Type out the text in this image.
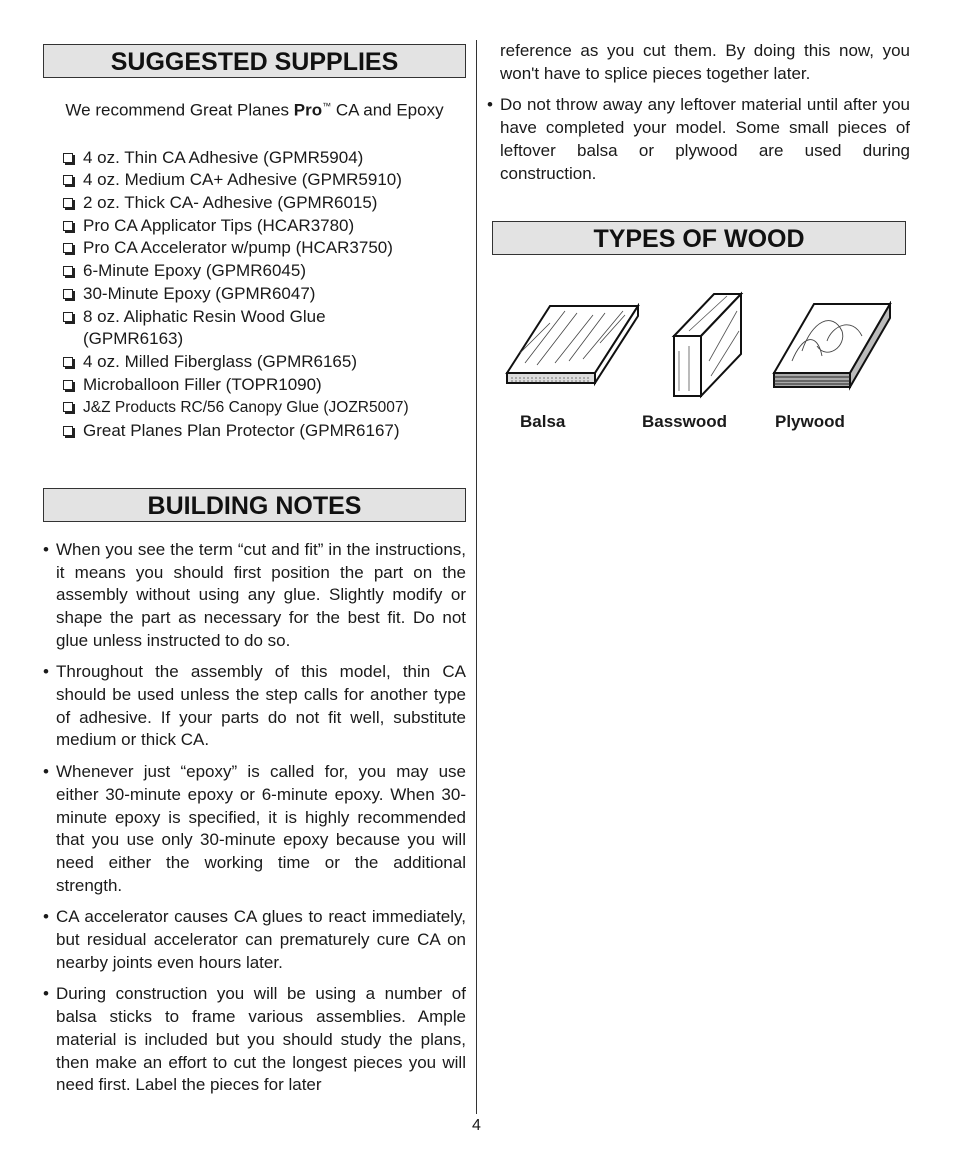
SUGGESTED SUPPLIES
We recommend Great Planes Pro™ CA and Epoxy
4 oz. Thin CA Adhesive (GPMR5904)
4 oz. Medium CA+ Adhesive (GPMR5910)
2 oz. Thick CA- Adhesive (GPMR6015)
Pro CA Applicator Tips (HCAR3780)
Pro CA Accelerator w/pump (HCAR3750)
6-Minute Epoxy (GPMR6045)
30-Minute Epoxy (GPMR6047)
8 oz. Aliphatic Resin Wood Glue
(GPMR6163)
4 oz. Milled Fiberglass (GPMR6165)
Microballoon Filler (TOPR1090)
J&Z Products RC/56 Canopy Glue (JOZR5007)
Great Planes Plan Protector (GPMR6167)
BUILDING NOTES
• When you see the term “cut and fit” in the instructions, it means you should first position the part on the assembly without using any glue. Slightly modify or shape the part as necessary for the best fit. Do not glue unless instructed to do so.
• Throughout the assembly of this model, thin CA should be used unless the step calls for another type of adhesive. If your parts do not fit well, substitute medium or thick CA.
• Whenever just “epoxy” is called for, you may use either 30-minute epoxy or 6-minute epoxy. When 30-minute epoxy is specified, it is highly recommended that you use only 30-minute epoxy because you will need either the working time or the additional strength.
• CA accelerator causes CA glues to react immediately, but residual accelerator can prematurely cure CA on nearby joints even hours later.
• During construction you will be using a number of balsa sticks to frame various assemblies. Ample material is included but you should study the plans, then make an effort to cut the longest pieces you will need first. Label the pieces for later
reference as you cut them. By doing this now, you won't have to splice pieces together later.
• Do not throw away any leftover material until after you have completed your model. Some small pieces of leftover balsa or plywood are used during construction.
TYPES OF WOOD
Balsa	Basswood	Plywood
4
